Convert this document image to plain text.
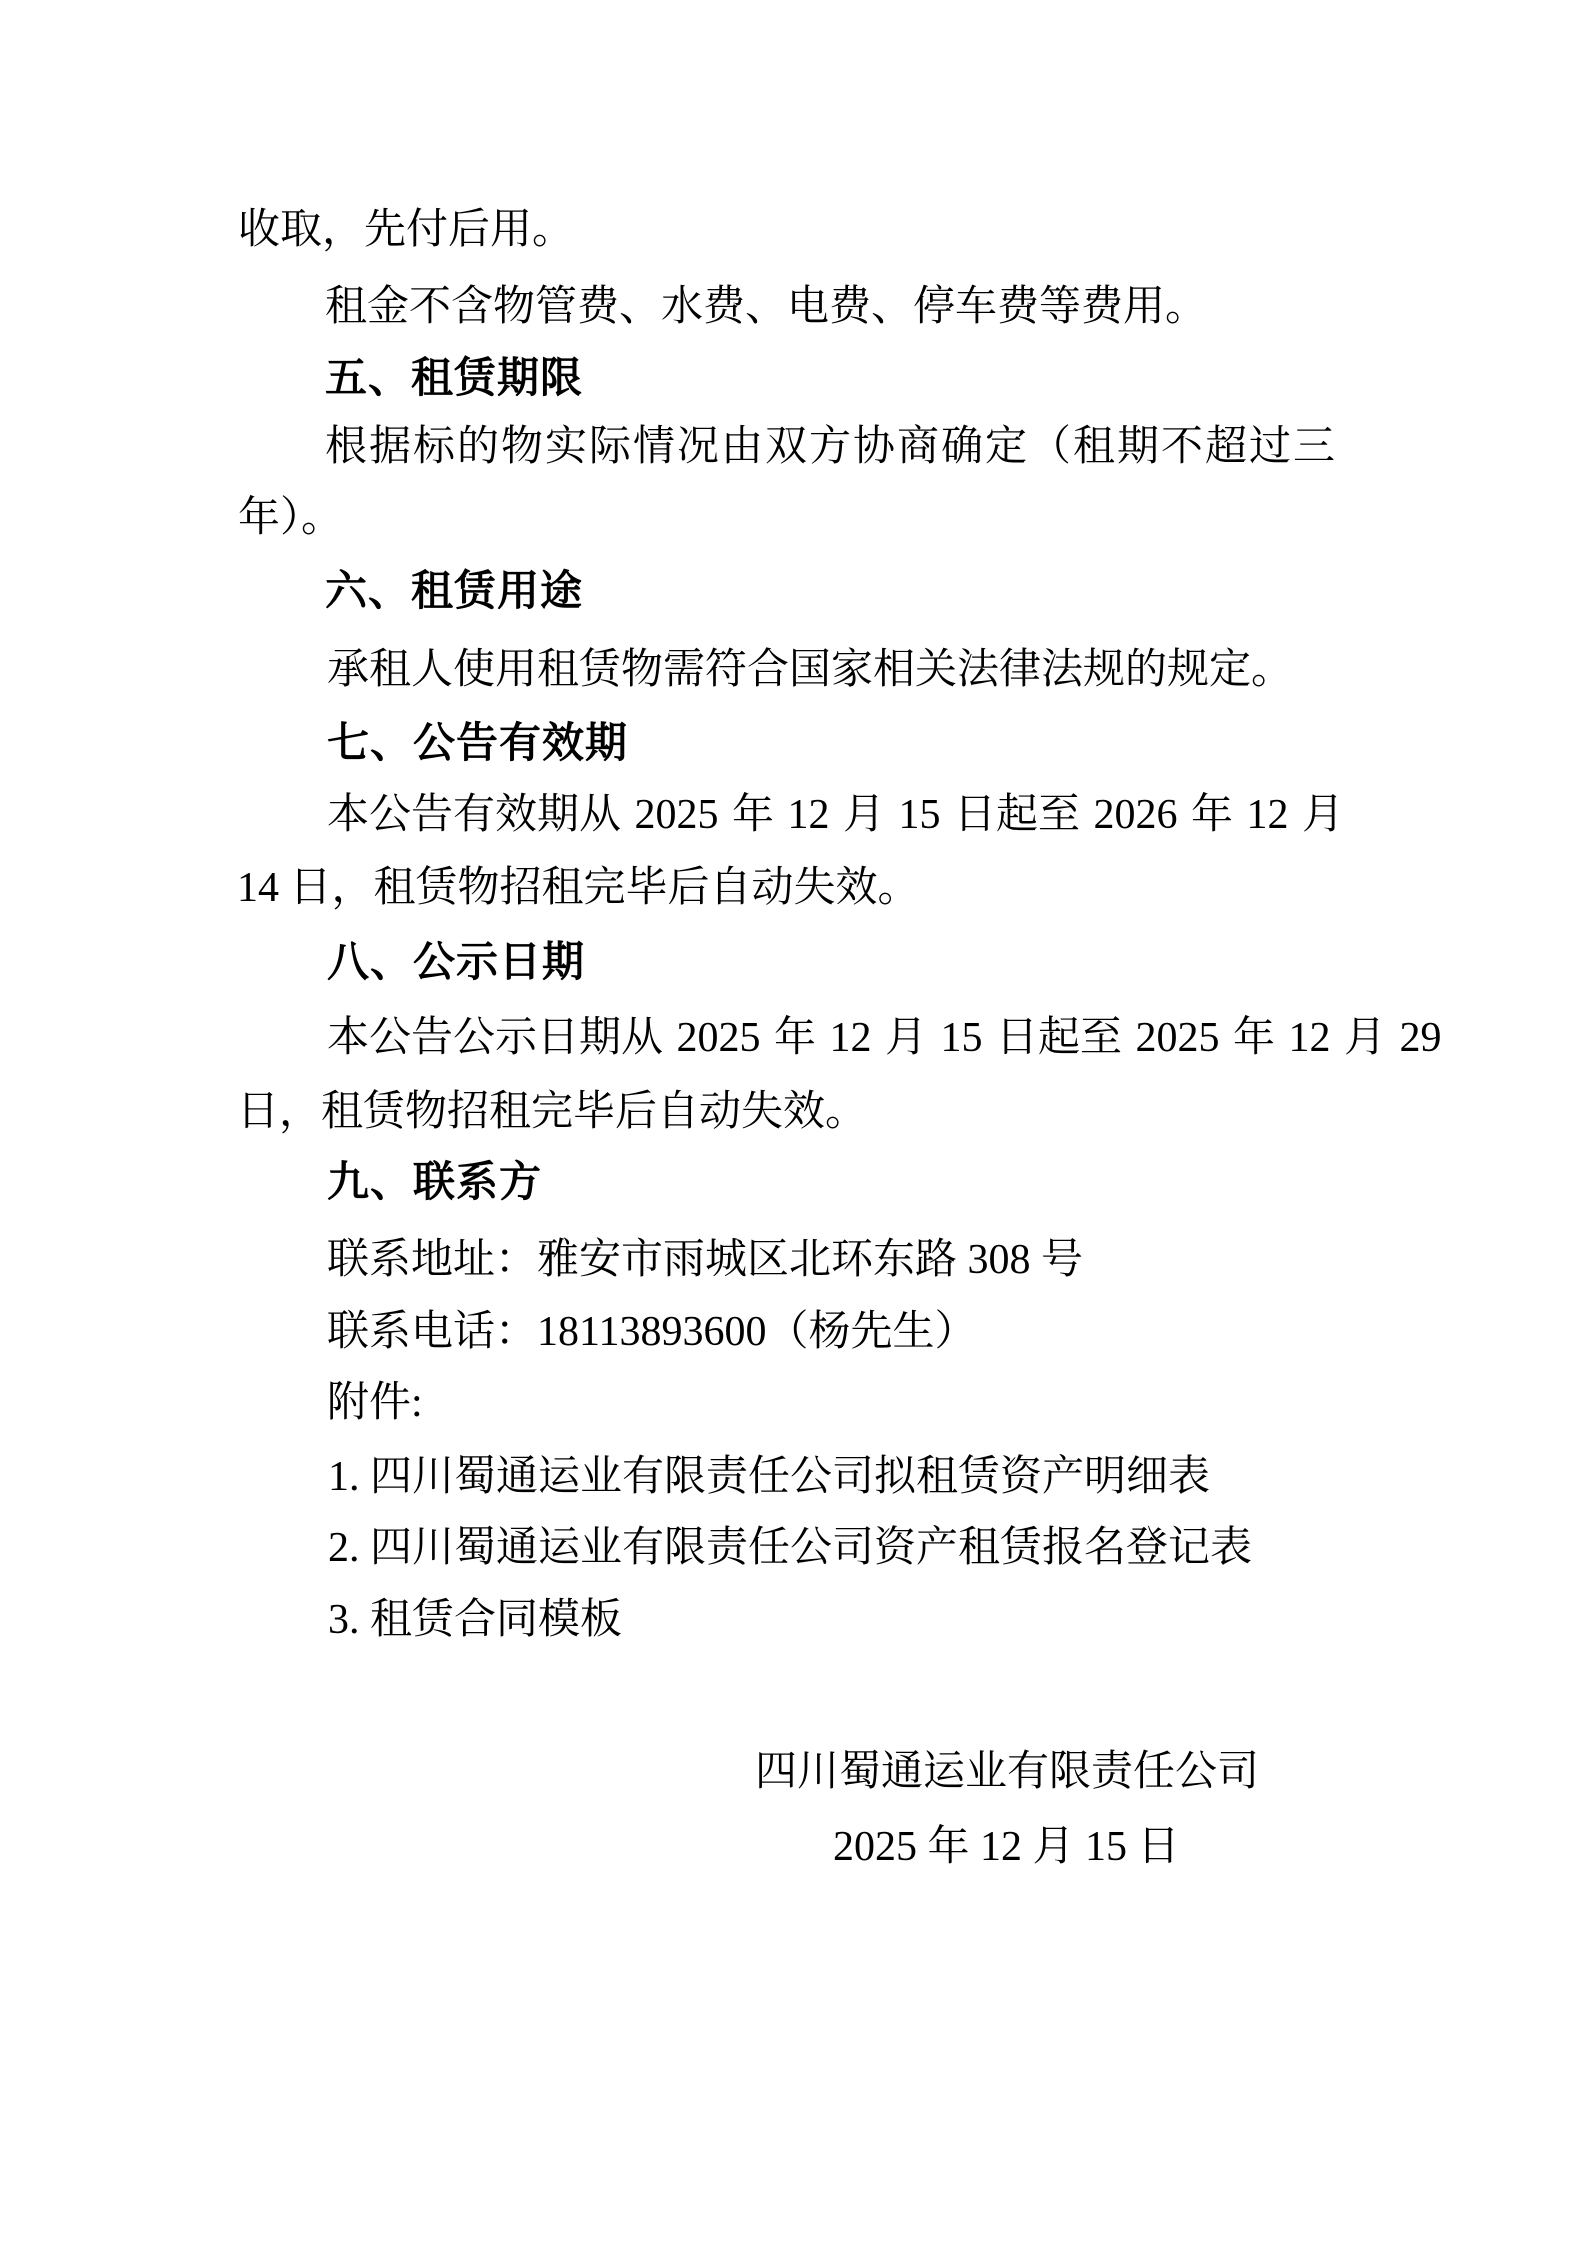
收取，先付后用。
租金不含物管费、水费、电费、停车费等费用。
五、租赁期限
根据标的物实际情况由双方协商确定（租期不超过三
年）。
六、租赁用途
承租人使用租赁物需符合国家相关法律法规的规定。
七、公告有效期
本公告有效期从 2025 年 12 月 15 日起至 2026 年 12 月
14 日，租赁物招租完毕后自动失效。
八、公示日期
本公告公示日期从 2025 年 12 月 15 日起至 2025 年 12 月 29
日，租赁物招租完毕后自动失效。
九、联系方
联系地址：雅安市雨城区北环东路 308 号
联系电话：18113893600（杨先生）
附件:
1. 四川蜀通运业有限责任公司拟租赁资产明细表
2. 四川蜀通运业有限责任公司资产租赁报名登记表
3. 租赁合同模板
四川蜀通运业有限责任公司
2025 年 12 月 15 日
